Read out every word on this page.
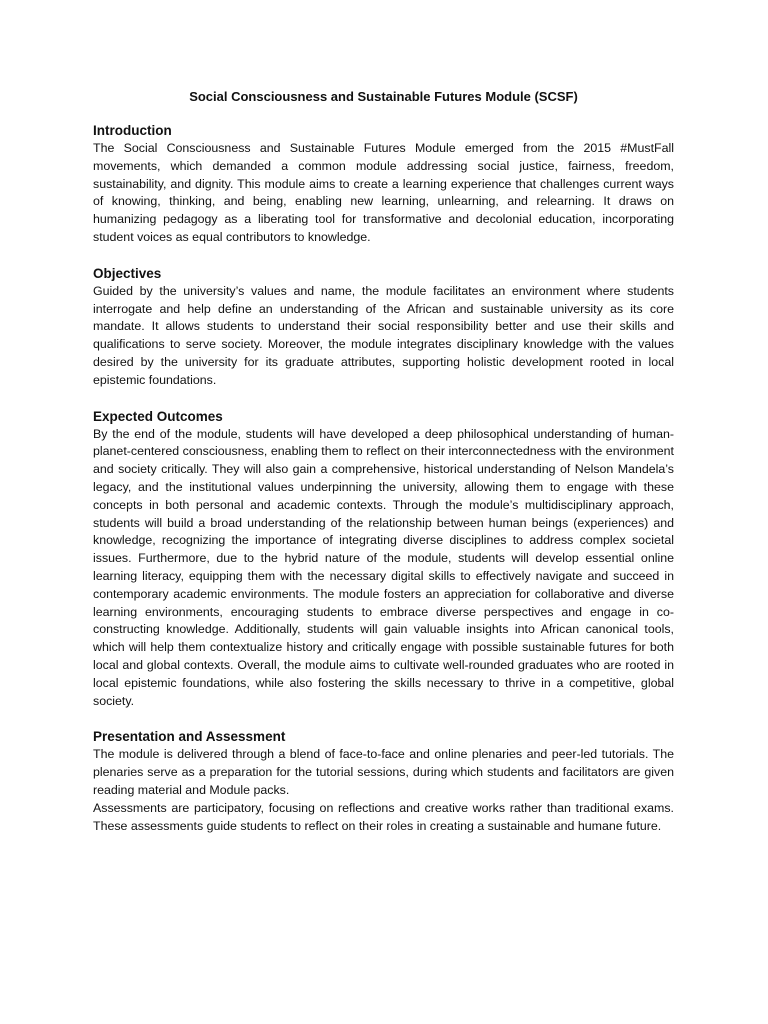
Social Consciousness and Sustainable Futures Module (SCSF)
Introduction

The Social Consciousness and Sustainable Futures Module emerged from the 2015 #MustFall movements, which demanded a common module addressing social justice, fairness, freedom, sustainability, and dignity. This module aims to create a learning experience that challenges current ways of knowing, thinking, and being, enabling new learning, unlearning, and relearning. It draws on humanizing pedagogy as a liberating tool for transformative and decolonial education, incorporating student voices as equal contributors to knowledge.

Objectives

Guided by the university’s values and name, the module facilitates an environment where students interrogate and help define an understanding of the African and sustainable university as its core mandate. It allows students to understand their social responsibility better and use their skills and qualifications to serve society. Moreover, the module integrates disciplinary knowledge with the values desired by the university for its graduate attributes, supporting holistic development rooted in local epistemic foundations.

Expected Outcomes

By the end of the module, students will have developed a deep philosophical understanding of human-planet-centered consciousness, enabling them to reflect on their interconnectedness with the environment and society critically. They will also gain a comprehensive, historical understanding of Nelson Mandela’s legacy, and the institutional values underpinning the university, allowing them to engage with these concepts in both personal and academic contexts. Through the module’s multidisciplinary approach, students will build a broad understanding of the relationship between human beings (experiences) and knowledge, recognizing the importance of integrating diverse disciplines to address complex societal issues. Furthermore, due to the hybrid nature of the module, students will develop essential online learning literacy, equipping them with the necessary digital skills to effectively navigate and succeed in contemporary academic environments. The module fosters an appreciation for collaborative and diverse learning environments, encouraging students to embrace diverse perspectives and engage in co-constructing knowledge. Additionally, students will gain valuable insights into African canonical tools, which will help them contextualize history and critically engage with possible sustainable futures for both local and global contexts. Overall, the module aims to cultivate well-rounded graduates who are rooted in local epistemic foundations, while also fostering the skills necessary to thrive in a competitive, global society.

Presentation and Assessment

The module is delivered through a blend of face-to-face and online plenaries and peer-led tutorials. The plenaries serve as a preparation for the tutorial sessions, during which students and facilitators are given reading material and Module packs.

Assessments are participatory, focusing on reflections and creative works rather than traditional exams. These assessments guide students to reflect on their roles in creating a sustainable and humane future.
